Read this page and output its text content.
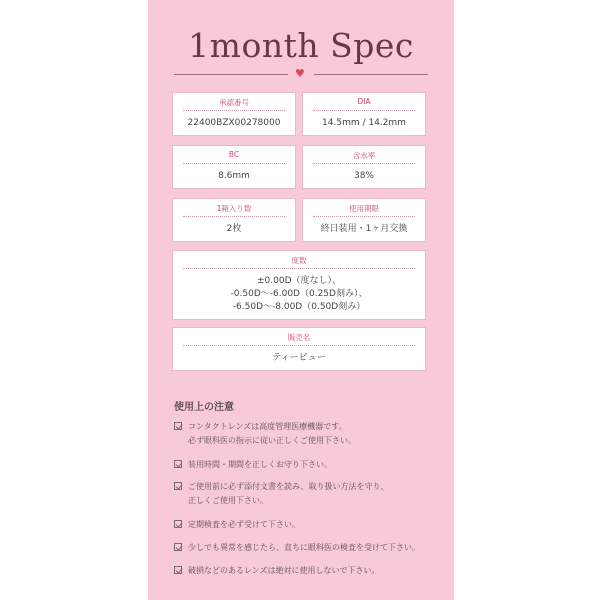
1month Spec
♥
承認番号
22400BZX00278000
DIA
14.5mm / 14.2mm
BC
8.6mm
含水率
38%
1箱入り数
2枚
使用期限
終日装用・1ヶ月交換
度数
±0.00D（度なし）、
-0.50D～-6.00D（0.25D刻み）、
-6.50D～-8.00D（0.50D刻み）
販売名
ティービュー
使用上の注意
コンタクトレンズは高度管理医療機器です。
必ず眼科医の指示に従い正しくご使用下さい。
装用時間・期間を正しくお守り下さい。
ご使用前に必ず添付文書を読み、取り扱い方法を守り、
正しくご使用下さい。
定期検査を必ず受けて下さい。
少しでも異常を感じたら、直ちに眼科医の検査を受けて下さい。
破損などのあるレンズは絶対に使用しないで下さい。
